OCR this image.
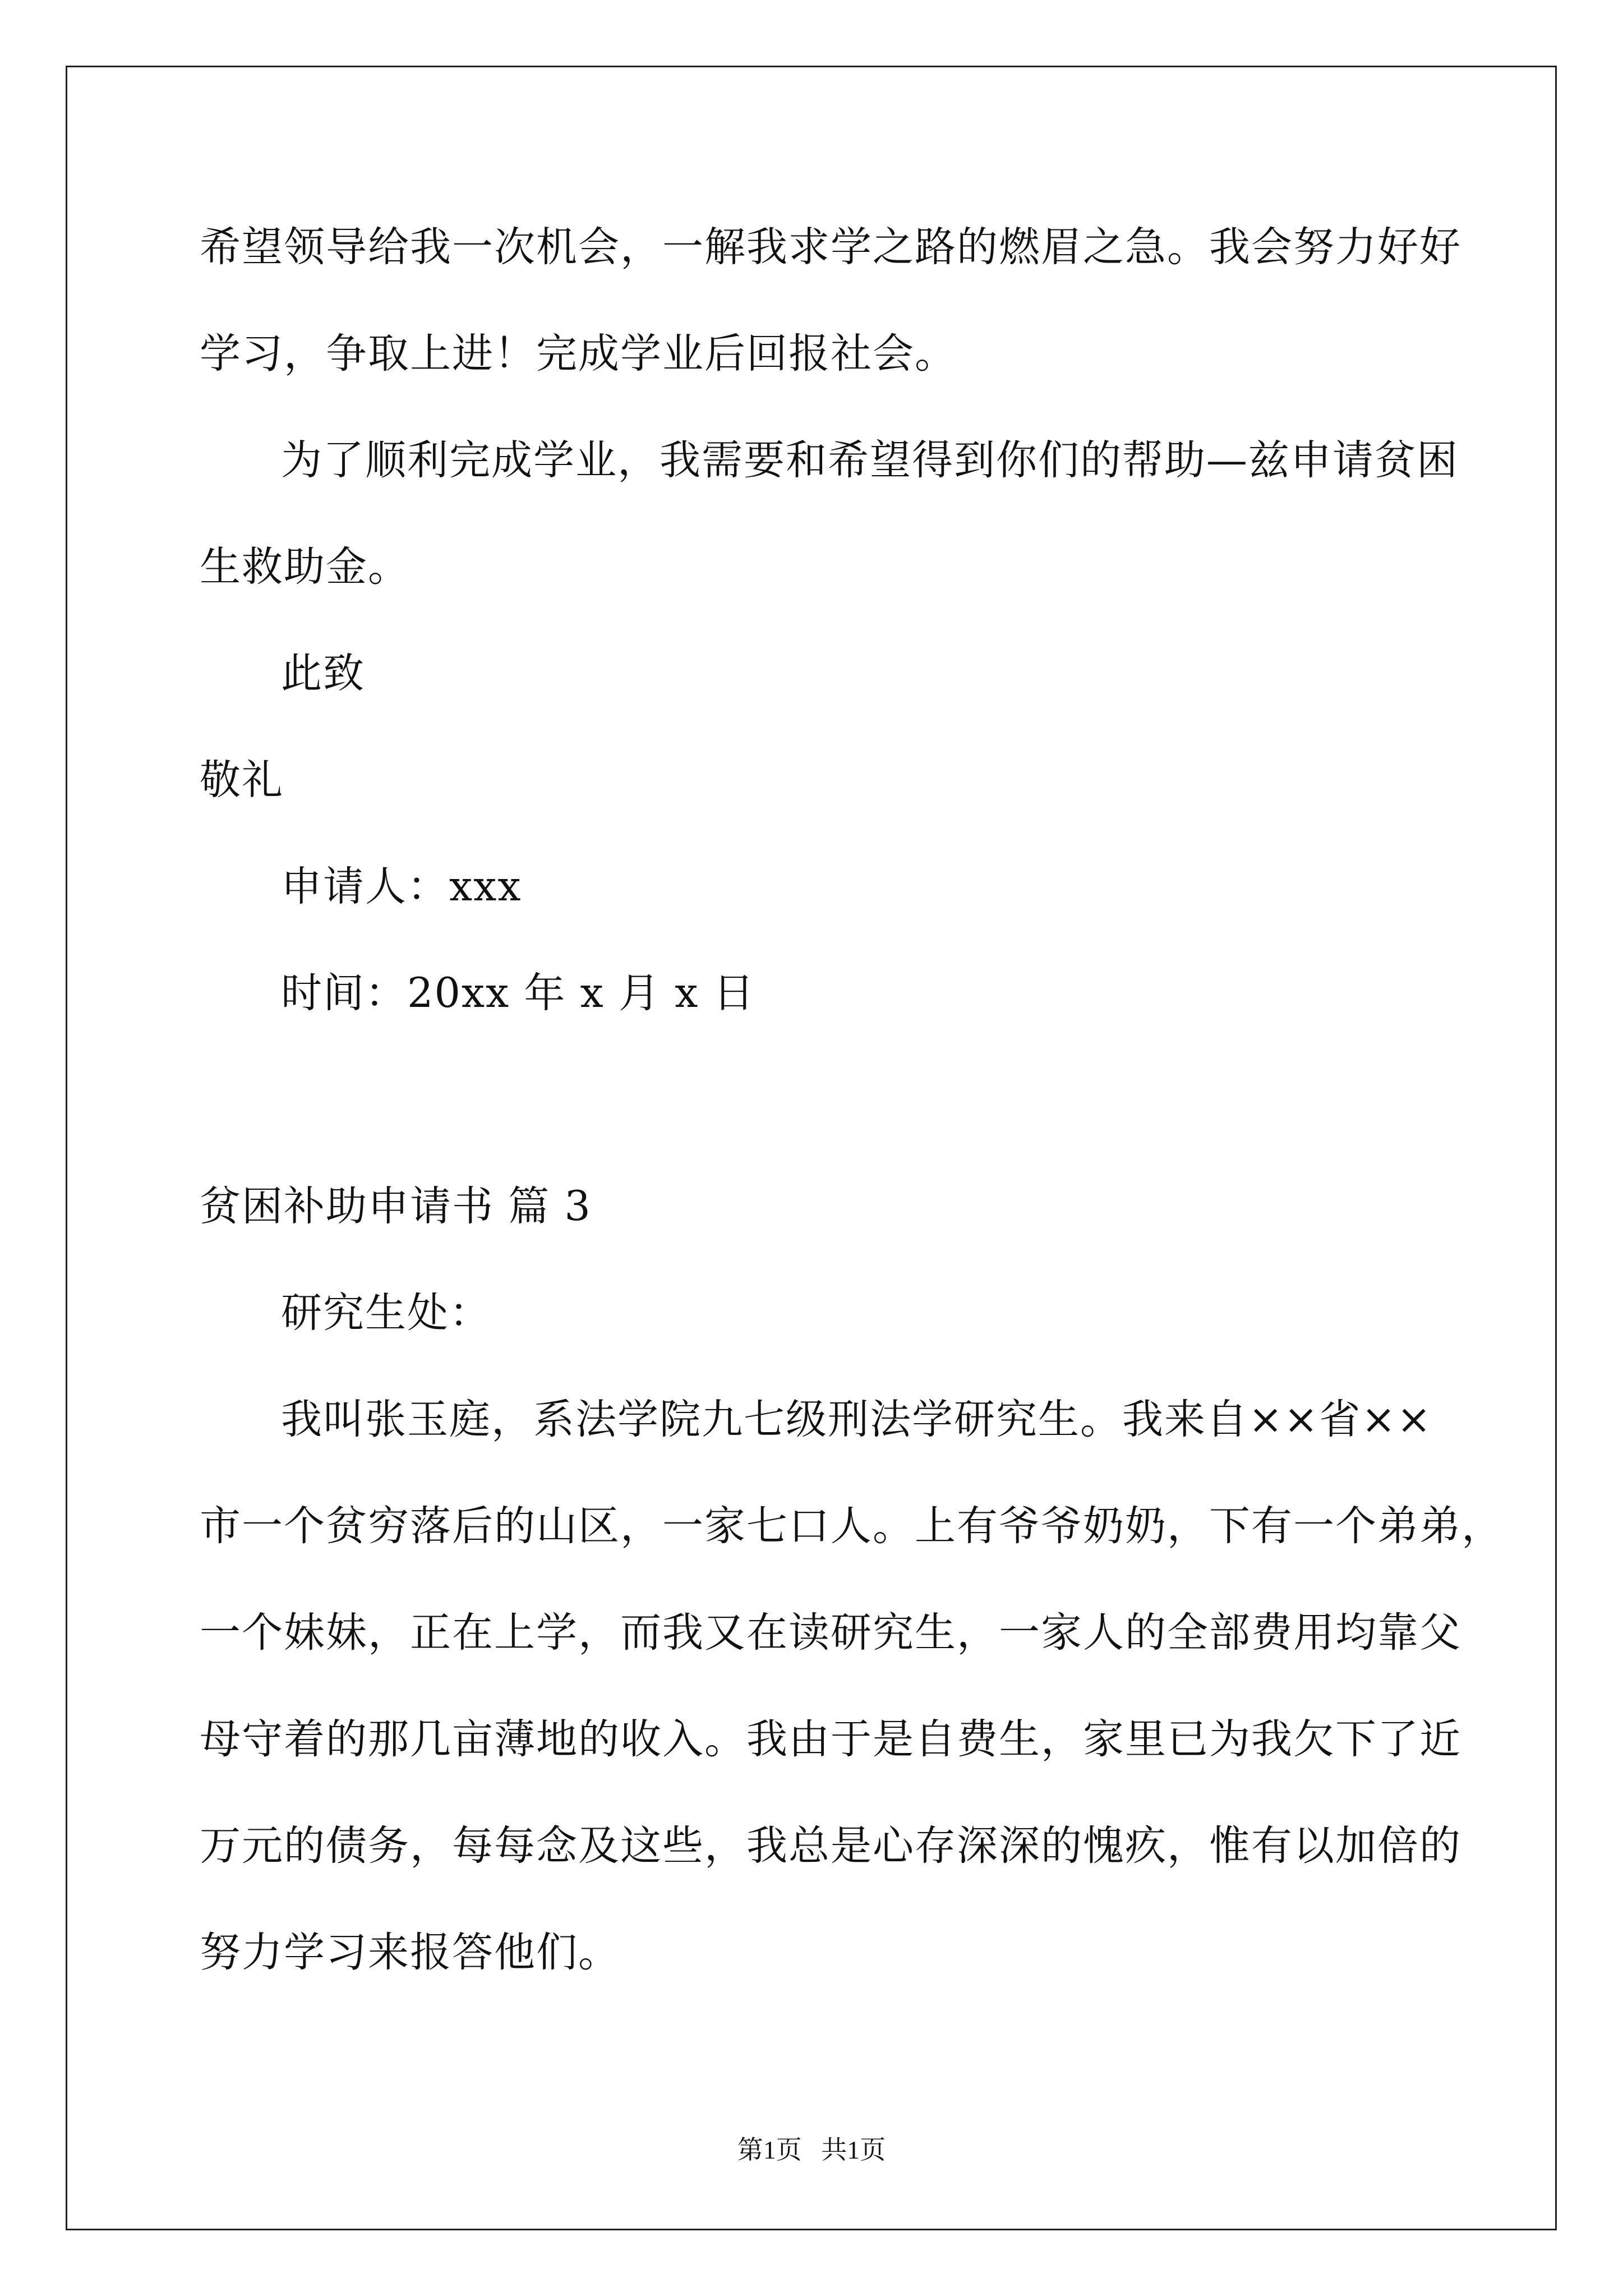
希望领导给我一次机会，一解我求学之路的燃眉之急。我会努力好好
学习，争取上进！完成学业后回报社会。
为了顺利完成学业，我需要和希望得到你们的帮助—兹申请贫困
生救助金。
此致
敬礼
申请人：xxx
时间：20xx 年 x 月 x 日
贫困补助申请书 篇 3
研究生处：
我叫张玉庭，系法学院九七级刑法学研究生。我来自××省××
市一个贫穷落后的山区，一家七口人。上有爷爷奶奶，下有一个弟弟，
一个妹妹，正在上学，而我又在读研究生，一家人的全部费用均靠父
母守着的那几亩薄地的收入。我由于是自费生，家里已为我欠下了近
万元的债务，每每念及这些，我总是心存深深的愧疚，惟有以加倍的
努力学习来报答他们。
第1页   共1页
